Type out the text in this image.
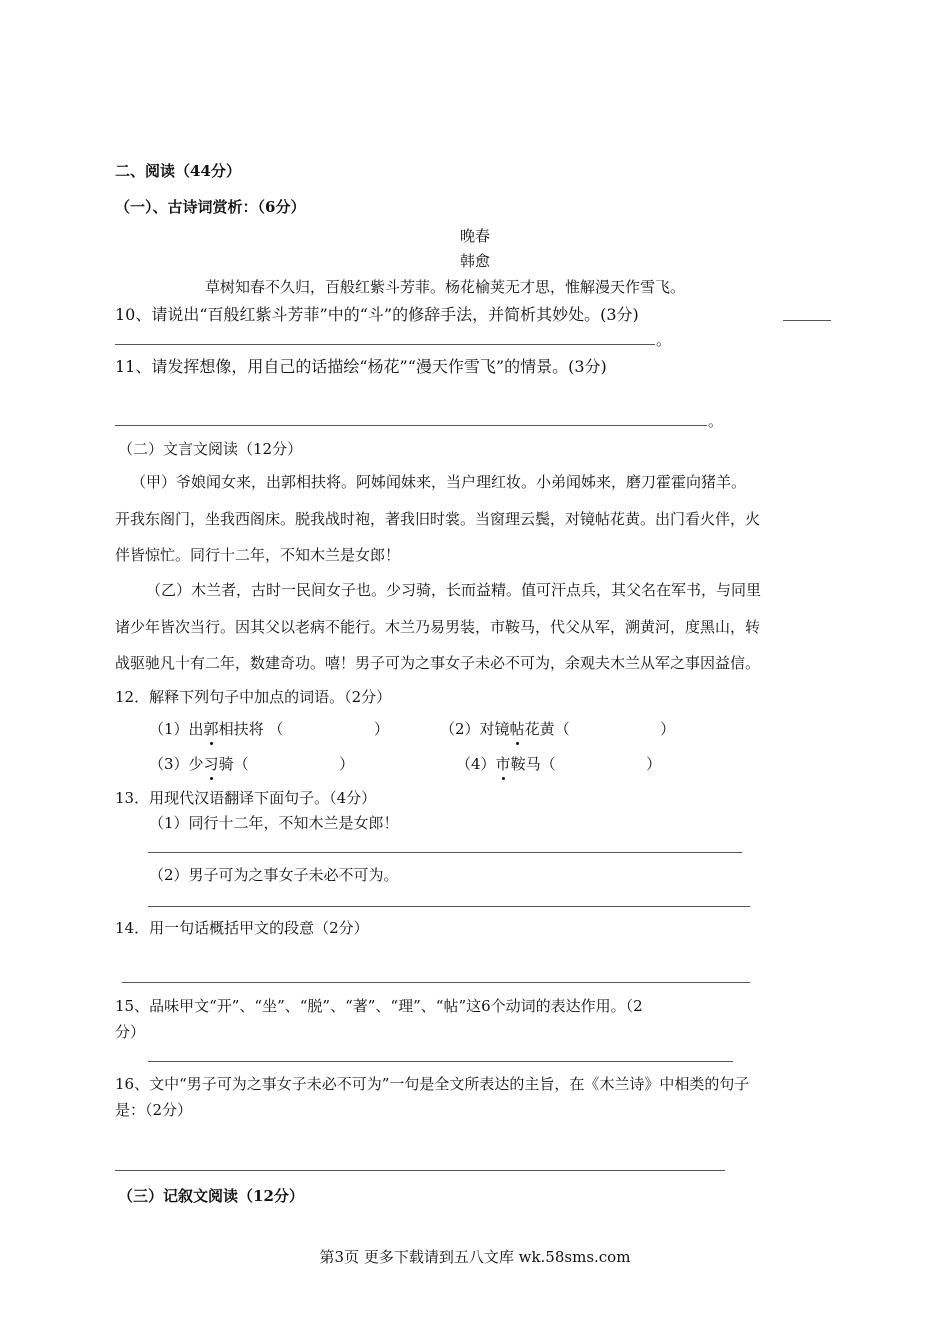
二、阅读（44分）
（一）、古诗词赏析：（6分）
晚春
韩愈
草树知春不久归，百般红紫斗芳菲。杨花榆荚无才思，惟解漫天作雪飞。
10、请说出“百般红紫斗芳菲”中的“斗”的修辞手法，并简析其妙处。(3分)
。
11、请发挥想像，用自己的话描绘“杨花”“漫天作雪飞”的情景。(3分)
。
（二）文言文阅读（12分）
（甲）爷娘闻女来，出郭相扶将。阿姊闻妹来，当户理红妆。小弟闻姊来，磨刀霍霍向猪羊。
开我东阁门，坐我西阁床。脱我战时袍，著我旧时裳。当窗理云鬓，对镜帖花黄。出门看火伴，火
伴皆惊忙。同行十二年，不知木兰是女郎！
（乙）木兰者，古时一民间女子也。少习骑，长而益精。值可汗点兵，其父名在军书，与同里
诸少年皆次当行。因其父以老病不能行。木兰乃易男装，市鞍马，代父从军，溯黄河，度黑山，转
战驱驰凡十有二年，数建奇功。嘻！男子可为之事女子未必不可为，余观夫木兰从军之事因益信。
12．解释下列句子中加点的词语。（2分）
（1）出郭相扶将 （                   ）	（2）对镜帖花黄（                   ）
（3）少习骑（                   ）	（4）市鞍马（                   ）
13．用现代汉语翻译下面句子。（4分）
（1）同行十二年，不知木兰是女郎！
（2）男子可为之事女子未必不可为。
14．用一句话概括甲文的段意（2分）
15、品味甲文“开”、“坐”、“脱”、“著”、“理”、“帖”这6个动词的表达作用。（2
分）
16、文中“男子可为之事女子未必不可为”一句是全文所表达的主旨，在《木兰诗》中相类的句子
是：（2分）
（三）记叙文阅读（12分）
第3页 更多下载请到五八文库 wk.58sms.com
